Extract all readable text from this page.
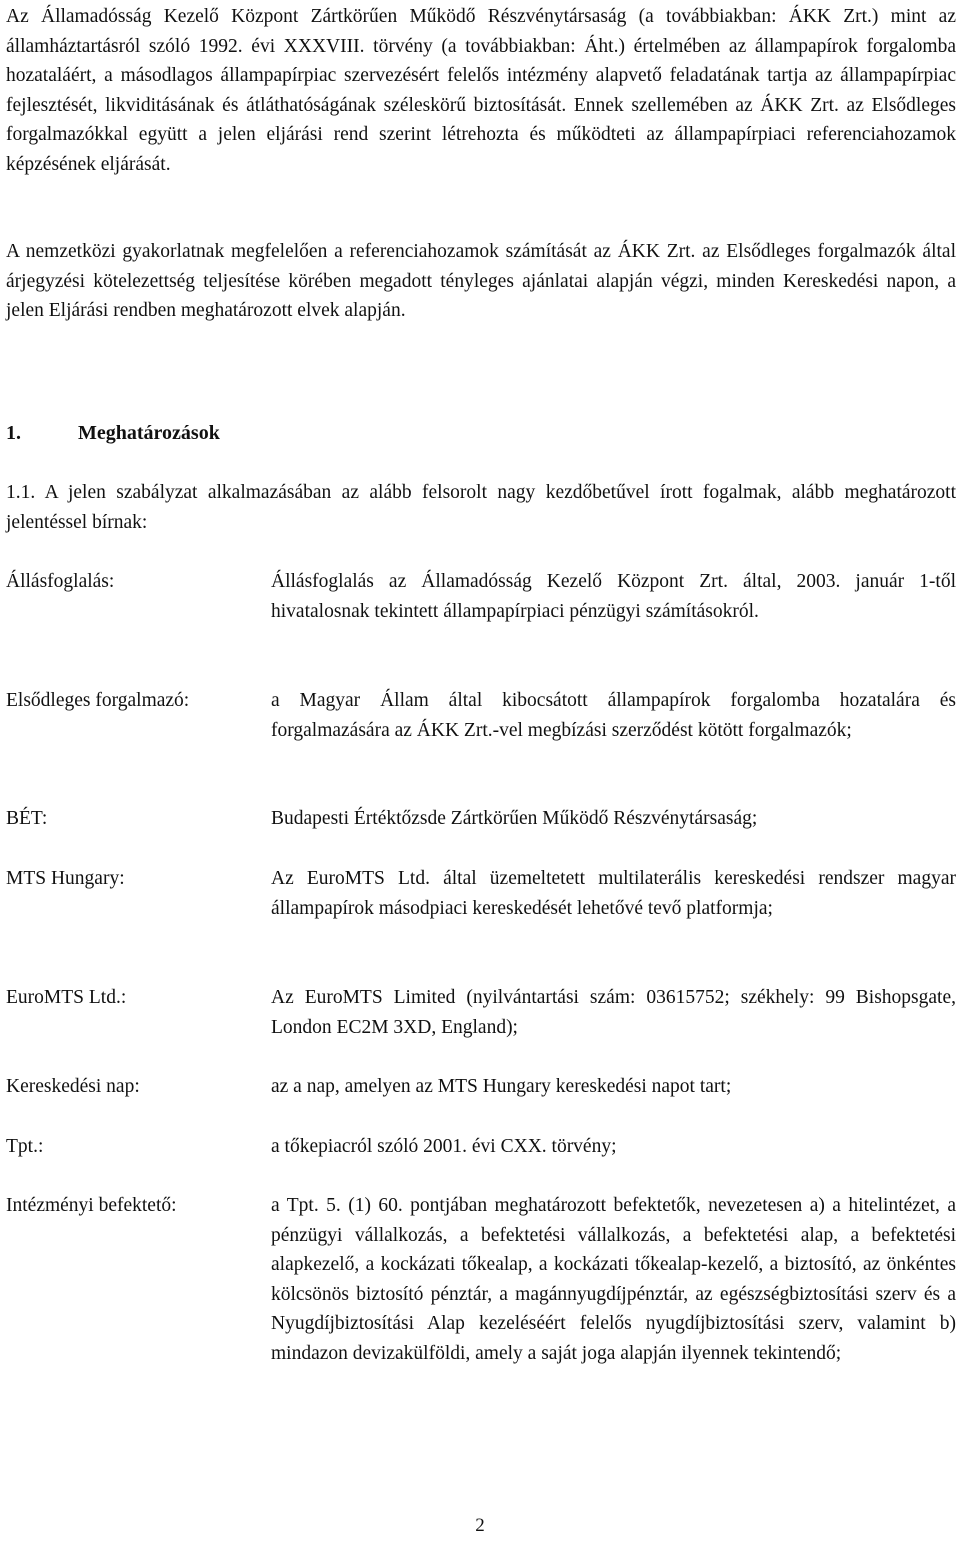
Az Államadósság Kezelő Központ Zártkörűen Működő Részvénytársaság (a továbbiakban: ÁKK Zrt.) mint az államháztartásról szóló 1992. évi XXXVIII. törvény (a továbbiakban: Áht.) értelmében az állampapírok forgalomba hozataláért, a másodlagos állampapírpiac szervezésért felelős intézmény alapvető feladatának tartja az állampapírpiac fejlesztését, likviditásának és átláthatóságának széleskörű biztosítását. Ennek szellemében az ÁKK Zrt. az Elsődleges forgalmazókkal együtt a jelen eljárási rend szerint létrehozta és működteti az állampapírpiaci referenciahozamok képzésének eljárását.

A nemzetközi gyakorlatnak megfelelően a referenciahozamok számítását az ÁKK Zrt. az Elsődleges forgalmazók által árjegyzési kötelezettség teljesítése körében megadott tényleges ajánlatai alapján végzi, minden Kereskedési napon, a jelen Eljárási rendben meghatározott elvek alapján.

1.	Meghatározások

1.1. A jelen szabályzat alkalmazásában az alább felsorolt nagy kezdőbetűvel írott fogalmak, alább meghatározott jelentéssel bírnak:

Állásfoglalás:	Állásfoglalás az Államadósság Kezelő Központ Zrt. által, 2003. január 1-től hivatalosnak tekintett állampapírpiaci pénzügyi számításokról.
Elsődleges forgalmazó:	a Magyar Állam által kibocsátott állampapírok forgalomba hozatalára és forgalmazására az ÁKK Zrt.-vel megbízási szerződést kötött forgalmazók;
BÉT:	Budapesti Értéktőzsde Zártkörűen Működő Részvénytársaság;
MTS Hungary:	Az EuroMTS Ltd. által üzemeltetett multilaterális kereskedési rendszer magyar állampapírok másodpiaci kereskedését lehetővé tevő platformja;
EuroMTS Ltd.:	Az EuroMTS Limited (nyilvántartási szám: 03615752; székhely: 99 Bishopsgate, London EC2M 3XD, England);
Kereskedési nap:	az a nap, amelyen az MTS Hungary kereskedési napot tart;
Tpt.:	a tőkepiacról szóló 2001. évi CXX. törvény;
Intézményi befektető:	a Tpt. 5. (1) 60. pontjában meghatározott befektetők, nevezetesen a) a hitelintézet, a pénzügyi vállalkozás, a befektetési vállalkozás, a befektetési alap, a befektetési alapkezelő, a kockázati tőkealap, a kockázati tőkealap-kezelő, a biztosító, az önkéntes kölcsönös biztosító pénztár, a magánnyugdíjpénztár, az egészségbiztosítási szerv és a Nyugdíjbiztosítási Alap kezeléséért felelős nyugdíjbiztosítási szerv, valamint b) mindazon devizakülföldi, amely a saját joga alapján ilyennek tekintendő;
2
